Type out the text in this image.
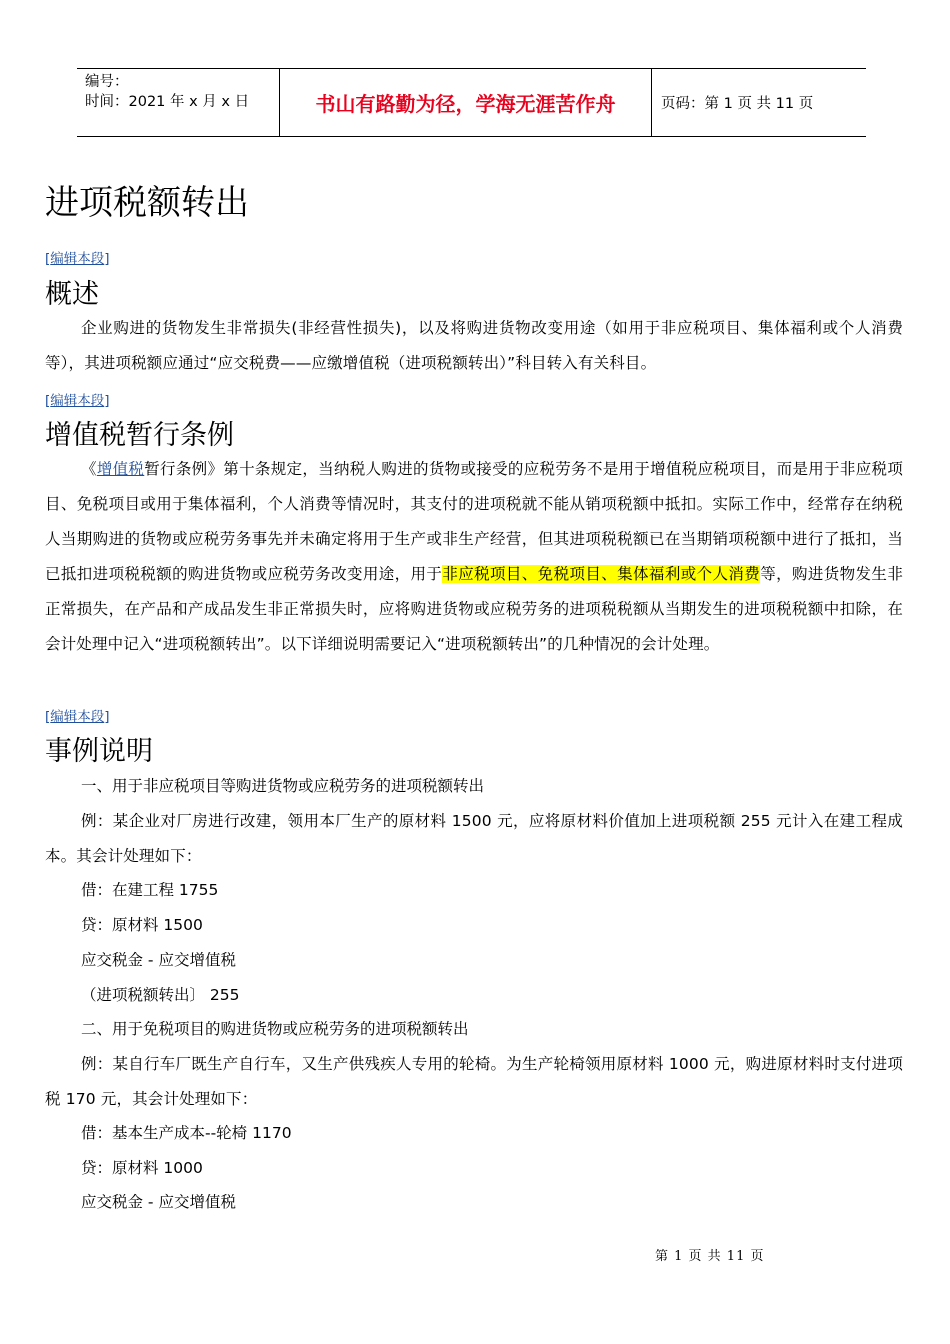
编号：
时间：2021 年 x 月 x 日	书山有路勤为径，学海无涯苦作舟	页码：第 1 页 共 11 页
进项税额转出
[编辑本段]
概述

企业购进的货物发生非常损失(非经营性损失)，以及将购进货物改变用途（如用于非应税项目、集体福利或个人消费等），其进项税额应通过“应交税费——应缴增值税（进项税额转出）”科目转入有关科目。

[编辑本段]
增值税暂行条例

《增值税暂行条例》第十条规定，当纳税人购进的货物或接受的应税劳务不是用于增值税应税项目，而是用于非应税项目、免税项目或用于集体福利，个人消费等情况时，其支付的进项税就不能从销项税额中抵扣。实际工作中，经常存在纳税人当期购进的货物或应税劳务事先并未确定将用于生产或非生产经营，但其进项税税额已在当期销项税额中进行了抵扣，当已抵扣进项税税额的购进货物或应税劳务改变用途，用于非应税项目、免税项目、集体福利或个人消费等，购进货物发生非正常损失，在产品和产成品发生非正常损失时，应将购进货物或应税劳务的进项税税额从当期发生的进项税税额中扣除，在会计处理中记入“进项税额转出”。以下详细说明需要记入“进项税额转出”的几种情况的会计处理。

[编辑本段]
事例说明
一、用于非应税项目等购进货物或应税劳务的进项税额转出

例：某企业对厂房进行改建，领用本厂生产的原材料 1500 元，应将原材料价值加上进项税额 255 元计入在建工程成本。其会计处理如下：

借：在建工程 1755
贷：原材料 1500
应交税金 - 应交增值税
（进项税额转出〕 255
二、用于免税项目的购进货物或应税劳务的进项税额转出

例：某自行车厂既生产自行车，又生产供残疾人专用的轮椅。为生产轮椅领用原材料 1000 元，购进原材料时支付进项税 170 元，其会计处理如下：

借：基本生产成本--轮椅 1170
贷：原材料 1000
应交税金 - 应交增值税
第 1 页 共 11 页
